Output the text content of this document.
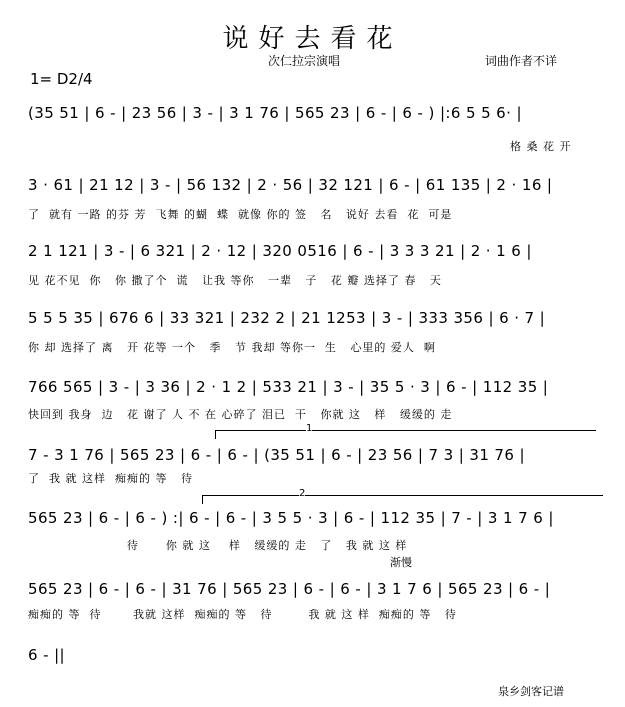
说好去看花
次仁拉宗演唱	词曲作者不详
1= D2/4
(35 51 | 6 - | 23 56 | 3 - | 3 1 76 | 565 23 | 6 - | 6 - ) |:6 5 5 6· |
格 桑 花 开
3 · 61 | 21 12 | 3 - | 56 132 | 2 · 56 | 32 121 | 6 - | 61 135 | 2 · 16 |
了  就有 一路 的芬 芳  飞舞 的蝴  蝶  就像 你的 签   名   说好 去看  花  可是
2 1 121 | 3 - | 6 321 | 2 · 12 | 320 0516 | 6 - | 3 3 3 21 | 2 · 1 6 |
见 花不见  你   你 撒了个  谎   让我 等你   一辈   子   花 瓣 选择了 春   天
5 5 5 35 | 676 6 | 33 321 | 232 2 | 21 1253 | 3 - | 333 356 | 6 · 7 |
你 却 选择了 离   开 花等 一个   季   节 我却 等你一  生   心里的 爱人  啊
766 565 | 3 - | 3 36 | 2 · 1 2 | 533 21 | 3 - | 35 5 · 3 | 6 - | 112 35 |
快回到 我身  边   花 谢了 人 不 在 心碎了 泪已  干   你就 这   样   缓缓的 走
1
7 - 3 1 76 | 565 23 | 6 - | 6 - | (35 51 | 6 - | 23 56 | 7 3 | 31 76 |
了  我 就 这样  痴痴的 等   待
2
565 23 | 6 - | 6 - ) :| 6 - | 6 - | 3 5 5 · 3 | 6 - | 112 35 | 7 - | 3 1 7 6 |
待      你 就 这    样   缓缓的 走   了   我 就 这 样
渐慢
565 23 | 6 - | 6 - | 31 76 | 565 23 | 6 - | 6 - | 3 1 7 6 | 565 23 | 6 - |
痴痴的 等  待       我就 这样  痴痴的 等   待        我 就 这 样  痴痴的 等   待
6 - ||
泉乡剑客记谱
